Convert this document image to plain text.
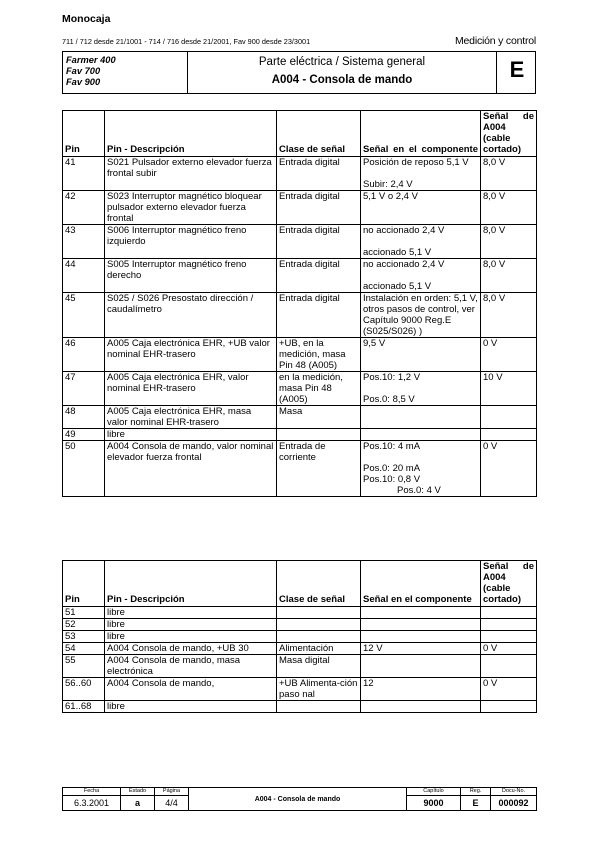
Monocaja
711 / 712 desde 21/1001 - 714 / 716 desde 21/2001, Fav 900 desde 23/3001	Medición y control
Farmer 400
Fav 700
Fav 900
Parte eléctrica / Sistema general
A004 - Consola de mando	E
Pin	Pin - Descripción	Clase de señal	Señal en el componente	Señal de A004 (cable cortado)
41	S021 Pulsador externo elevador fuerza frontal subir	Entrada digital	Posición de reposo 5,1 V
Subir: 2,4 V	8,0 V
42	S023 Interruptor magnético bloquear pulsador externo elevador fuerza frontal	Entrada digital	5,1 V o 2,4 V	8,0 V
43	S006 Interruptor magnético freno izquierdo	Entrada digital	no accionado 2,4 V
accionado 5,1 V	8,0 V
44	S005 Interruptor magnético freno derecho	Entrada digital	no accionado 2,4 V
accionado 5,1 V	8,0 V
45	S025 / S026 Presostato dirección / caudalímetro	Entrada digital	Instalación en orden: 5,1 V, otros pasos de control, ver Capítulo 9000 Reg.E (S025/S026) )	8,0 V
46	A005 Caja electrónica EHR, +UB valor nominal EHR-trasero	+UB, en la medición, masa Pin 48 (A005)	9,5 V	0 V
47	A005 Caja electrónica EHR, valor nominal EHR-trasero	en la medición, masa Pin 48 (A005)	Pos.10: 1,2 V
Pos.0: 8,5 V	10 V
48	A005 Caja electrónica EHR, masa valor nominal EHR-trasero	Masa	

49	libre		

50	A004 Consola de mando, valor nominal elevador fuerza frontal	Entrada de corriente	Pos.10: 4 mA
Pos.0: 20 mA
Pos.10: 0,8 V
Pos.0: 4 V	0 V
Pin	Pin - Descripción	Clase de señal	Señal en el componente	Señal de A004 (cable cortado)
51	libre			
52	libre			
53	libre			
54	A004 Consola de mando, +UB 30	Alimentación	12 V	0 V
55	A004 Consola de mando, masa electrónica	Masa digital		
56..60	A004 Consola de mando,	+UB Alimenta-ción paso nal	12	0 V
61..68	libre			
Fecha	Estado	Página	A004 - Consola de mando	Capítulo	Reg.	Docu-No.
6.3.2001	a	4/4		9000	E	000092
